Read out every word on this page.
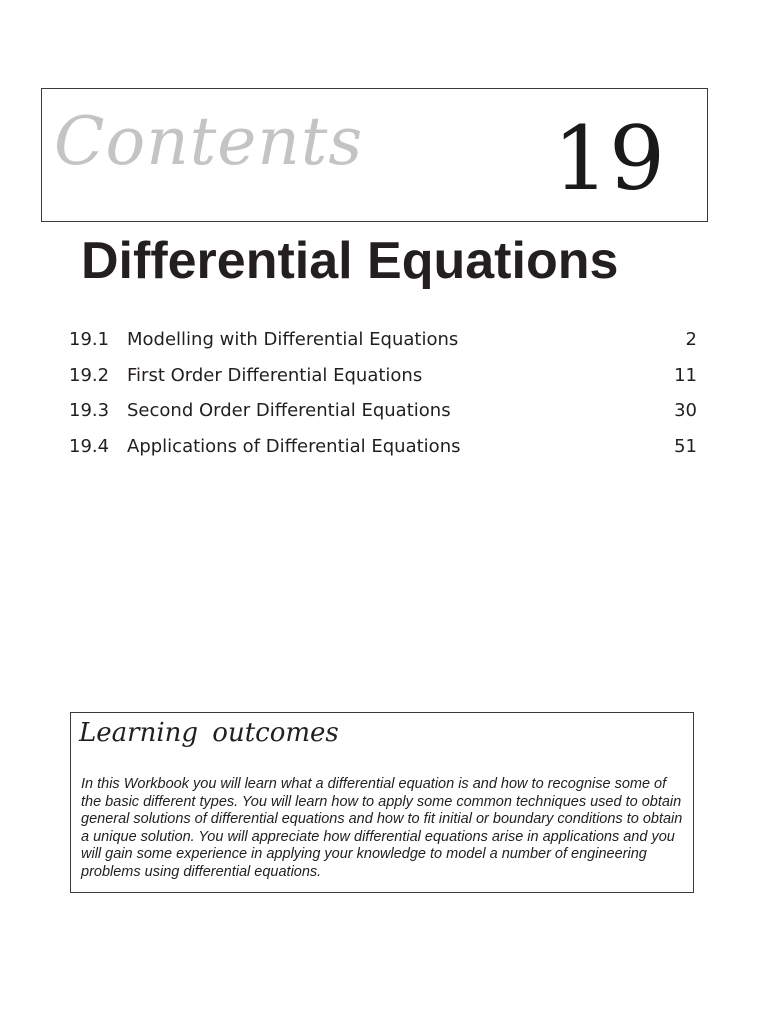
Contents 19
Differential Equations
19.1 Modelling with Differential Equations	2
19.2 First Order Differential Equations	11
19.3 Second Order Differential Equations	30
19.4 Applications of Differential Equations	51
Learning outcomes

In this Workbook you will learn what a differential equation is and how to recognise some of the basic different types. You will learn how to apply some common techniques used to obtain general solutions of differential equations and how to fit initial or boundary conditions to obtain a unique solution. You will appreciate how differential equations arise in applications and you will gain some experience in applying your knowledge to model a number of engineering problems using differential equations.
